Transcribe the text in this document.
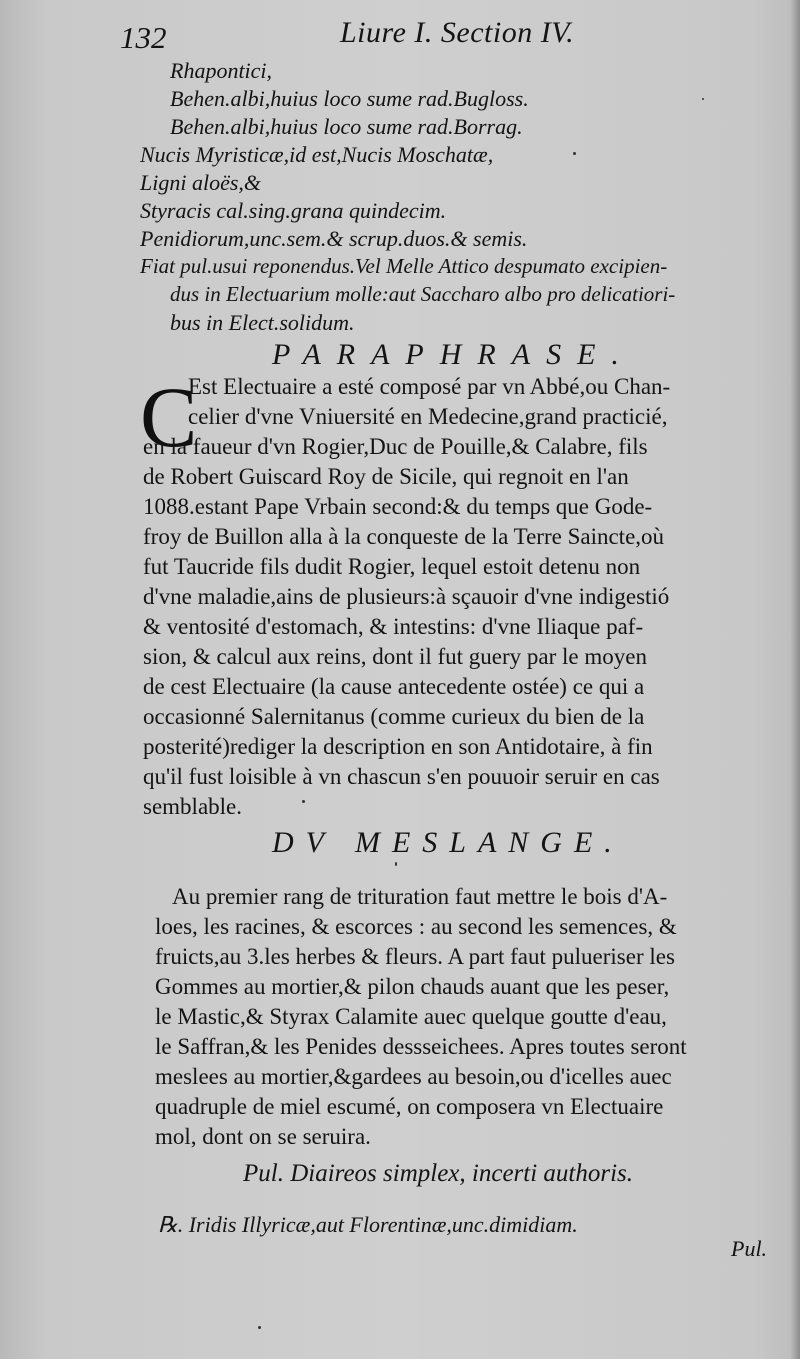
132	Liure I. Section IV.
Rhapontici,
Behen.albi,huius loco sume rad.Bugloss.
Behen.albi,huius loco sume rad.Borrag.
Nucis Myristicæ,id est,Nucis Moschatæ,
Ligni aloës,&
Styracis cal.sing.grana quindecim.
Penidiorum,unc.sem.& scrup.duos.& semis.
Fiat pul.usui reponendus.Vel Melle Attico despumato excipien-
dus in Electuarium molle:aut Saccharo albo pro delicatiori-
bus in Elect.solidum.
PARAPHRASE.
C
Est Electuaire a esté composé par vn Abbé,ou Chan-
celier d'vne Vniuersité en Medecine,grand practicié,
en la faueur d'vn Rogier,Duc de Pouille,& Calabre, fils
de Robert Guiscard Roy de Sicile, qui regnoit en l'an
1088.estant Pape Vrbain second:& du temps que Gode-
froy de Buillon alla à la conqueste de la Terre Saincte,où
fut Taucride fils dudit Rogier, lequel estoit detenu non
d'vne maladie,ains de plusieurs:à sçauoir d'vne indigestió
& ventosité d'estomach, & intestins: d'vne Iliaque paf-
sion, & calcul aux reins, dont il fut guery par le moyen
de cest Electuaire (la cause antecedente ostée) ce qui a
occasionné Salernitanus (comme curieux du bien de la
posterité)rediger la description en son Antidotaire, à fin
qu'il fust loisible à vn chascun s'en pouuoir seruir en cas
semblable.
DV MESLANGE.
Au premier rang de trituration faut mettre le bois d'A-
loes, les racines, & escorces : au second les semences, &
fruicts,au 3.les herbes & fleurs. A part faut pulueriser les
Gommes au mortier,& pilon chauds auant que les peser,
le Mastic,& Styrax Calamite auec quelque goutte d'eau,
le Saffran,& les Penides dessseichees. Apres toutes seront
meslees au mortier,&gardees au besoin,ou d'icelles auec
quadruple de miel escumé, on composera vn Electuaire
mol, dont on se seruira.
Pul. Diaireos simplex, incerti authoris.
℞. Iridis Illyricæ,aut Florentinæ,unc.dimidiam.
Pul.
